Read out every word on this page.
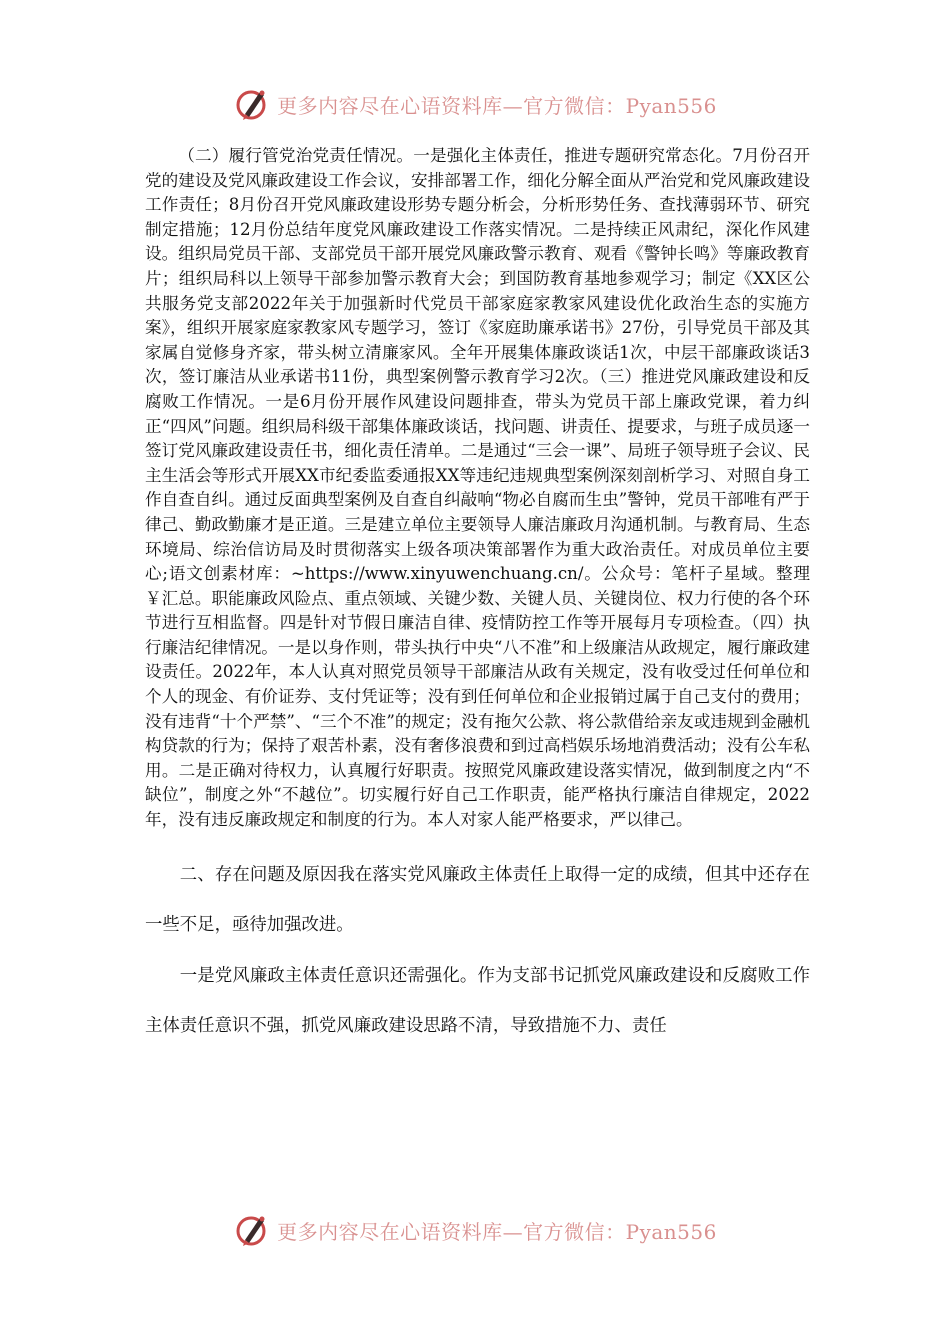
更多内容尽在心语资料库—官方微信：Pyan556

（二）履行管党治党责任情况。一是强化主体责任，推进专题研究常态化。7月份召开党的建设及党风廉政建设工作会议，安排部署工作，细化分解全面从严治党和党风廉政建设工作责任；8月份召开党风廉政建设形势专题分析会，分析形势任务、查找薄弱环节、研究制定措施；12月份总结年度党风廉政建设工作落实情况。二是持续正风肃纪，深化作风建设。组织局党员干部、支部党员干部开展党风廉政警示教育、观看《警钟长鸣》等廉政教育片；组织局科以上领导干部参加警示教育大会；到国防教育基地参观学习；制定《XX区公共服务党支部2022年关于加强新时代党员干部家庭家教家风建设优化政治生态的实施方案》，组织开展家庭家教家风专题学习，签订《家庭助廉承诺书》27份，引导党员干部及其家属自觉修身齐家，带头树立清廉家风。全年开展集体廉政谈话1次，中层干部廉政谈话3次，签订廉洁从业承诺书11份，典型案例警示教育学习2次。（三）推进党风廉政建设和反腐败工作情况。一是6月份开展作风建设问题排查，带头为党员干部上廉政党课，着力纠正“四风”问题。组织局科级干部集体廉政谈话，找问题、讲责任、提要求，与班子成员逐一签订党风廉政建设责任书，细化责任清单。二是通过“三会一课”、局班子领导班子会议、民主生活会等形式开展XX市纪委监委通报XX等违纪违规典型案例深刻剖析学习、对照自身工作自查自纠。通过反面典型案例及自查自纠敲响“物必自腐而生虫”警钟，党员干部唯有严于律己、勤政勤廉才是正道。三是建立单位主要领导人廉洁廉政月沟通机制。与教育局、生态环境局、综治信访局及时贯彻落实上级各项决策部署作为重大政治责任。对成员单位主要心;语文创素材库：~https://www.xinyuwenchuang.cn/。公众号：笔杆子星域。整理￥汇总。职能廉政风险点、重点领域、关键少数、关键人员、关键岗位、权力行使的各个环节进行互相监督。四是针对节假日廉洁自律、疫情防控工作等开展每月专项检查。（四）执行廉洁纪律情况。一是以身作则，带头执行中央“八不准”和上级廉洁从政规定，履行廉政建设责任。2022年，本人认真对照党员领导干部廉洁从政有关规定，没有收受过任何单位和个人的现金、有价证券、支付凭证等；没有到任何单位和企业报销过属于自己支付的费用；没有违背“十个严禁”、“三个不准”的规定；没有拖欠公款、将公款借给亲友或违规到金融机构贷款的行为；保持了艰苦朴素，没有奢侈浪费和到过高档娱乐场地消费活动；没有公车私用。二是正确对待权力，认真履行好职责。按照党风廉政建设落实情况，做到制度之内“不缺位”，制度之外“不越位”。切实履行好自己工作职责，能严格执行廉洁自律规定，2022年，没有违反廉政规定和制度的行为。本人对家人能严格要求，严以律己。

二、存在问题及原因我在落实党风廉政主体责任上取得一定的成绩，但其中还存在一些不足，亟待加强改进。

一是党风廉政主体责任意识还需强化。作为支部书记抓党风廉政建设和反腐败工作主体责任意识不强，抓党风廉政建设思路不清，导致措施不力、责任

更多内容尽在心语资料库—官方微信：Pyan556
